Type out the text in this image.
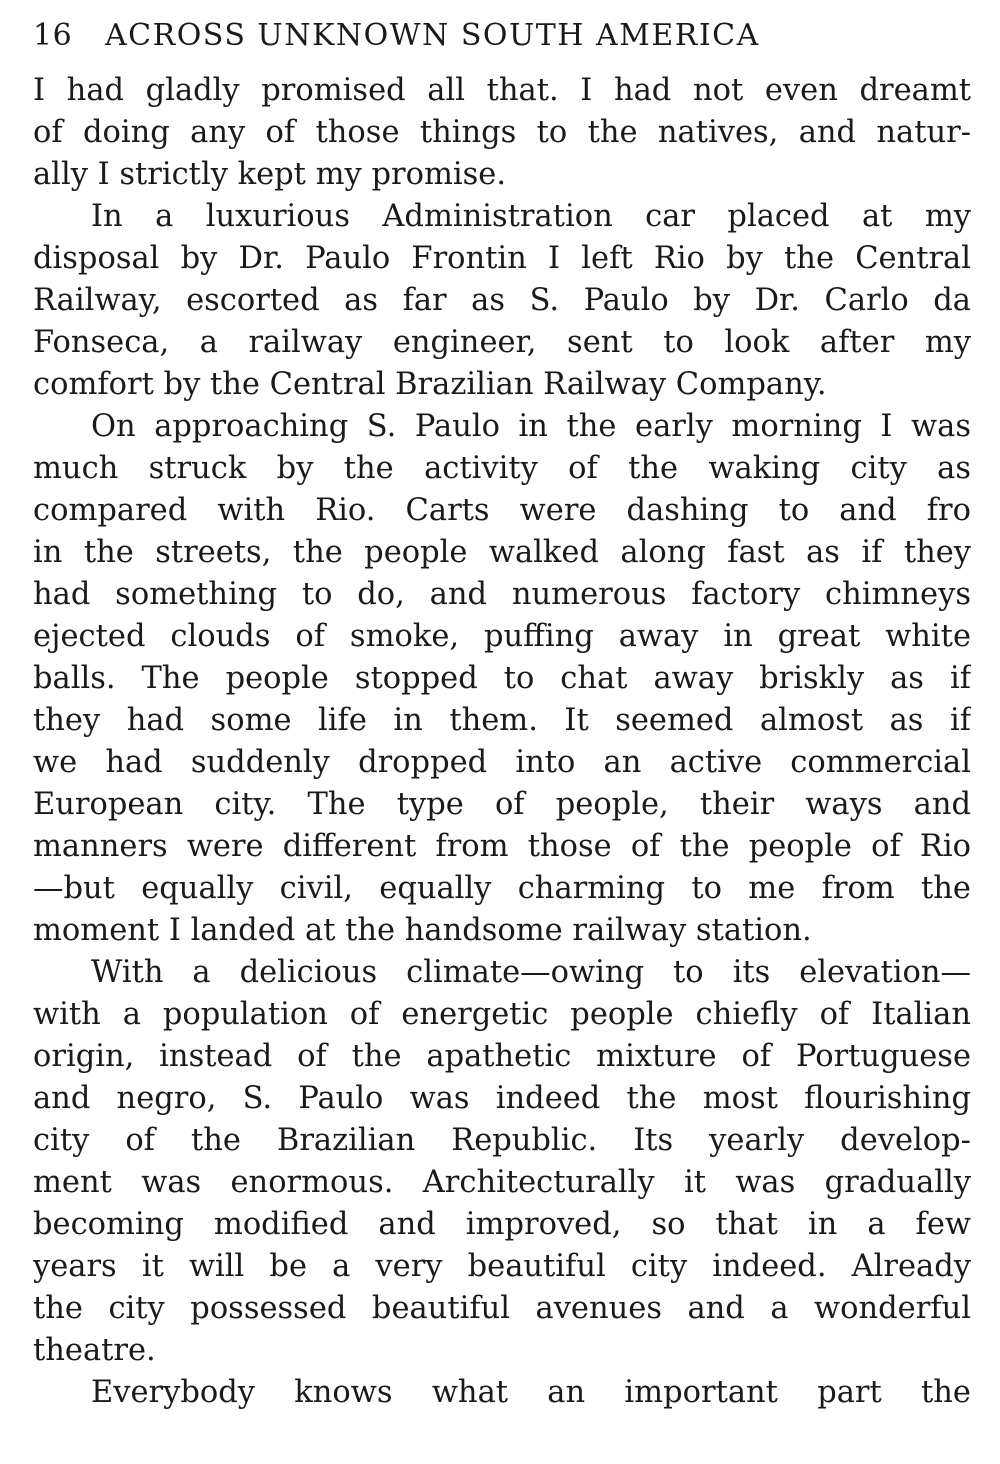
16	ACROSS UNKNOWN SOUTH AMERICA
I had gladly promised all that. I had not even dreamt
of doing any of those things to the natives, and natur-
ally I strictly kept my promise.
In a luxurious Administration car placed at my
disposal by Dr. Paulo Frontin I left Rio by the Central
Railway, escorted as far as S. Paulo by Dr. Carlo da
Fonseca, a railway engineer, sent to look after my
comfort by the Central Brazilian Railway Company.
On approaching S. Paulo in the early morning I was
much struck by the activity of the waking city as
compared with Rio. Carts were dashing to and fro
in the streets, the people walked along fast as if they
had something to do, and numerous factory chimneys
ejected clouds of smoke, puffing away in great white
balls. The people stopped to chat away briskly as if
they had some life in them. It seemed almost as if
we had suddenly dropped into an active commercial
European city. The type of people, their ways and
manners were different from those of the people of Rio
—but equally civil, equally charming to me from the
moment I landed at the handsome railway station.
With a delicious climate—owing to its elevation—
with a population of energetic people chiefly of Italian
origin, instead of the apathetic mixture of Portuguese
and negro, S. Paulo was indeed the most flourishing
city of the Brazilian Republic. Its yearly develop-
ment was enormous. Architecturally it was gradually
becoming modified and improved, so that in a few
years it will be a very beautiful city indeed. Already
the city possessed beautiful avenues and a wonderful
theatre.
Everybody knows what an important part the
